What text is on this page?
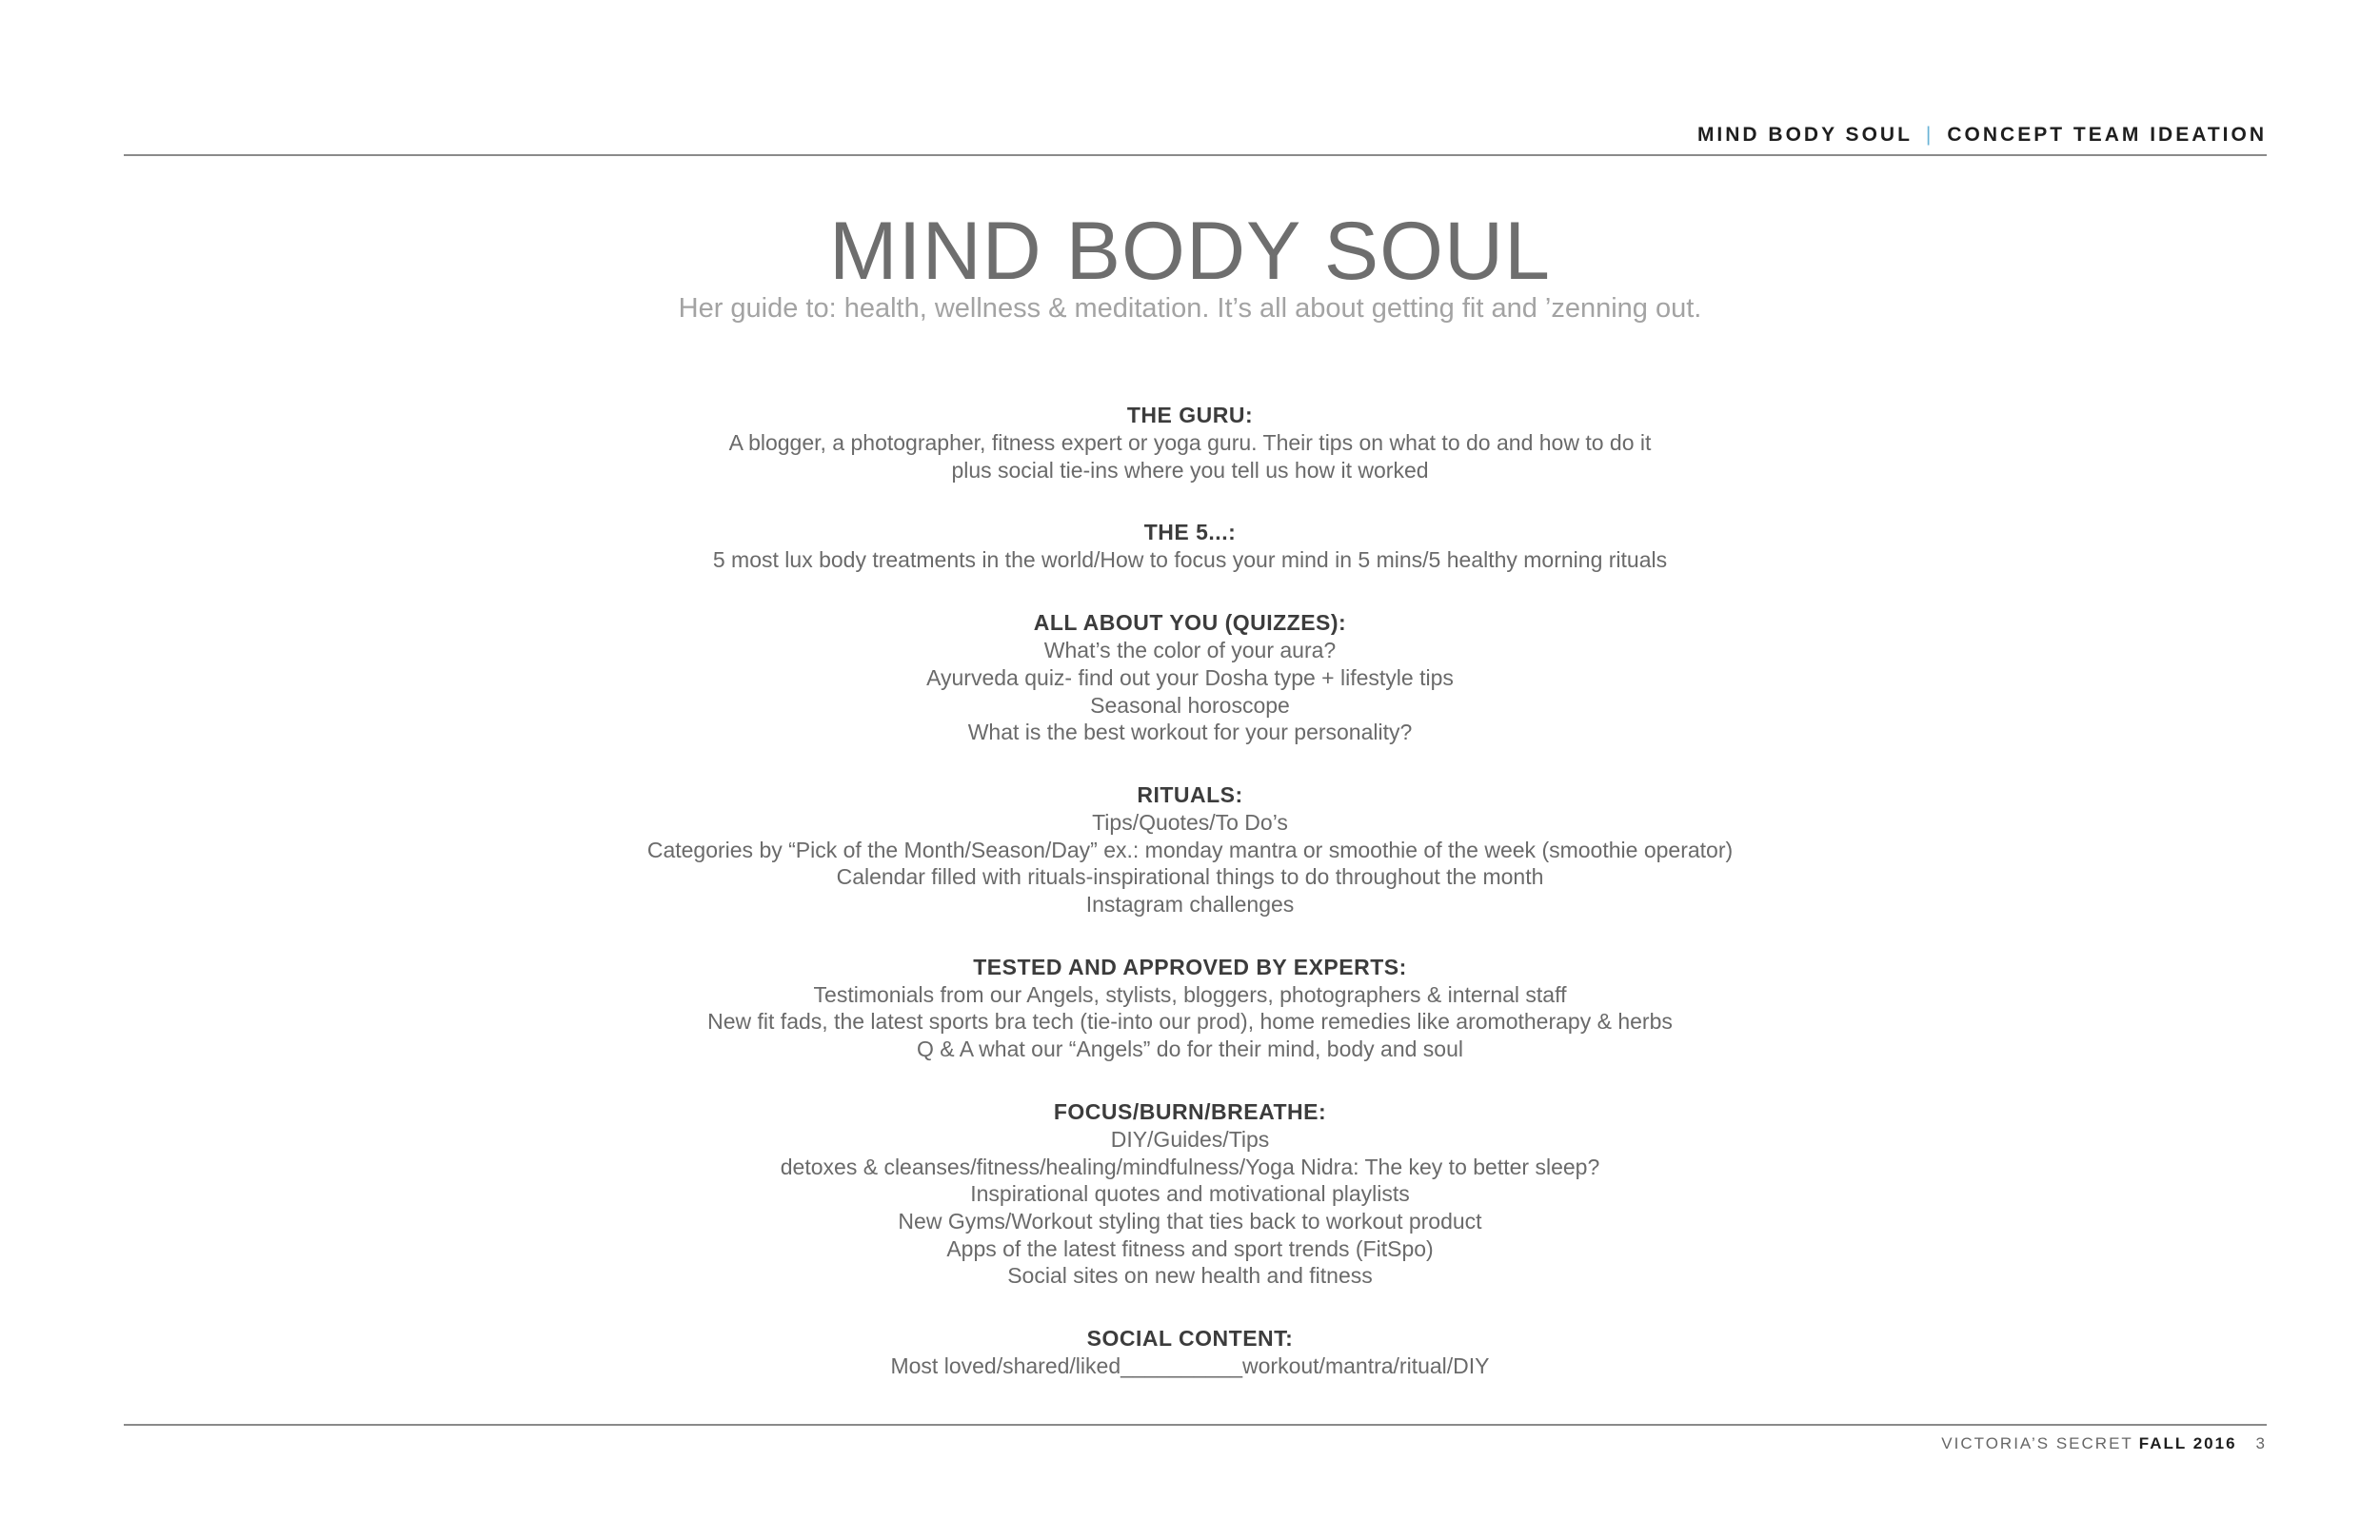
MIND BODY SOUL | CONCEPT TEAM IDEATION
MIND BODY SOUL
Her guide to: health, wellness & meditation. It’s all about getting fit and ’zenning out.
THE GURU:

A blogger, a photographer, fitness expert or yoga guru. Their tips on what to do and how to do it

plus social tie-ins where you tell us how it worked

THE 5...:

5 most lux body treatments in the world/How to focus your mind in 5 mins/5 healthy morning rituals

ALL ABOUT YOU (QUIZZES):

What’s the color of your aura?

Ayurveda quiz- find out your Dosha type + lifestyle tips

Seasonal horoscope

What is the best workout for your personality?

RITUALS:

Tips/Quotes/To Do’s

Categories by “Pick of the Month/Season/Day” ex.: monday mantra or smoothie of the week (smoothie operator)

Calendar filled with rituals-inspirational things to do throughout the month

Instagram challenges

TESTED AND APPROVED BY EXPERTS:

Testimonials from our Angels, stylists, bloggers, photographers & internal staff

New fit fads, the latest sports bra tech (tie-into our prod), home remedies like aromotherapy & herbs

Q & A what our “Angels” do for their mind, body and soul

FOCUS/BURN/BREATHE:

DIY/Guides/Tips

detoxes & cleanses/fitness/healing/mindfulness/Yoga Nidra: The key to better sleep?

Inspirational quotes and motivational playlists

New Gyms/Workout styling that ties back to workout product

Apps of the latest fitness and sport trends (FitSpo)

Social sites on new health and fitness

SOCIAL CONTENT:

Most loved/shared/liked__________workout/mantra/ritual/DIY

VICTORIA’S SECRET FALL 2016 3
